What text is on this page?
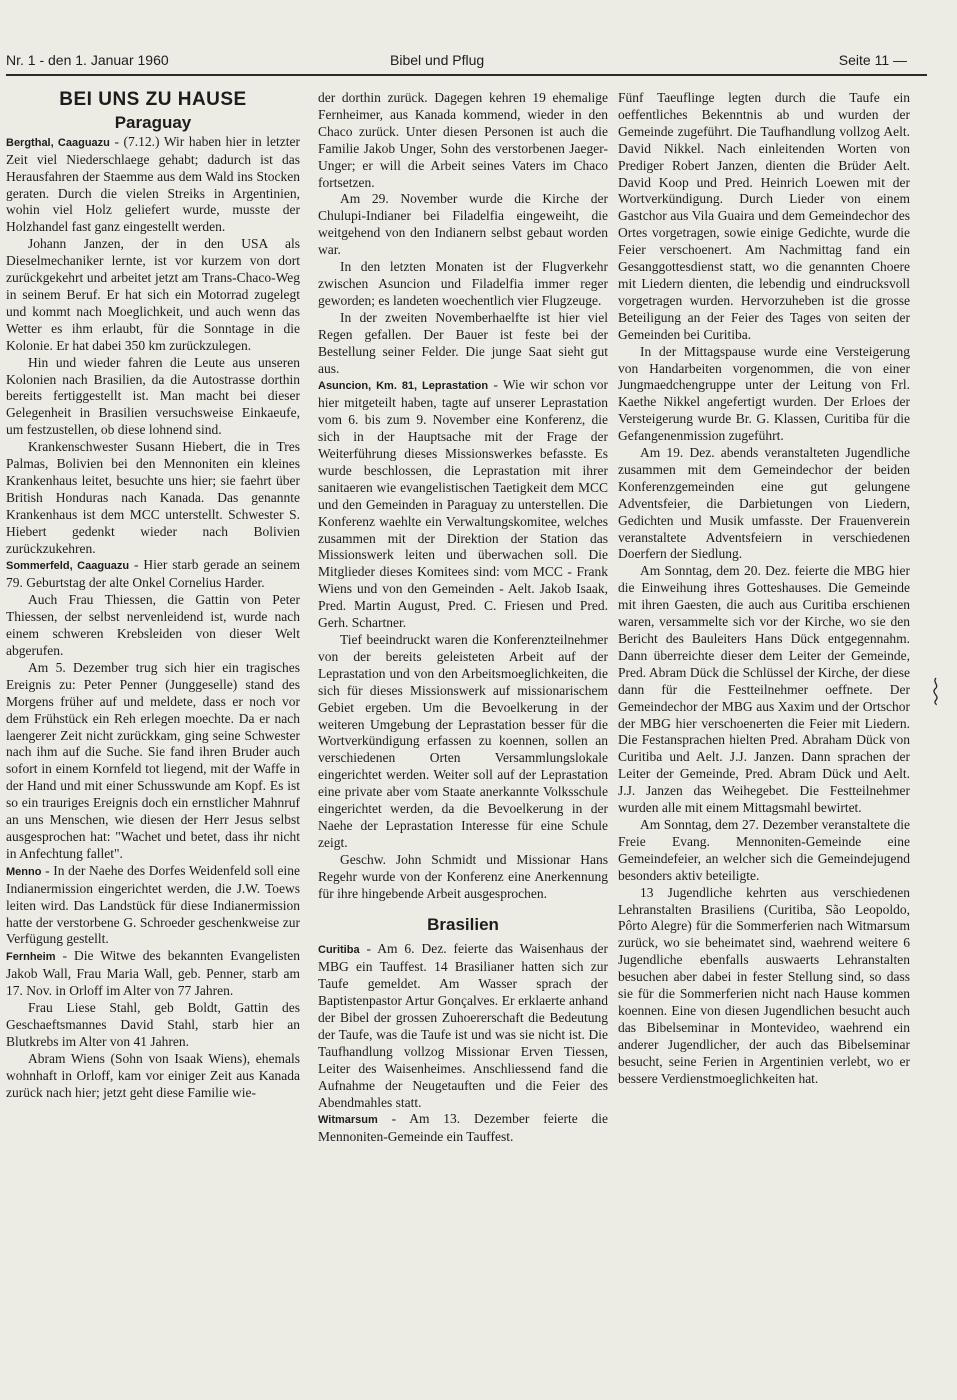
Nr. 1 - den 1. Januar 1960	Bibel und Pflug	Seite 11 —
BEI UNS ZU HAUSE
Paraguay

Bergthal, Caaguazu - (7.12.) Wir haben hier in letzter Zeit viel Niederschlaege gehabt; dadurch ist das Herausfahren der Staemme aus dem Wald ins Stocken geraten. Durch die vielen Streiks in Argentinien, wohin viel Holz geliefert wurde, musste der Holzhandel fast ganz eingestellt werden.

Johann Janzen, der in den USA als Dieselmechaniker lernte, ist vor kurzem von dort zurückgekehrt und arbeitet jetzt am Trans-Chaco-Weg in seinem Beruf. Er hat sich ein Motorrad zugelegt und kommt nach Moeglichkeit, und auch wenn das Wetter es ihm erlaubt, für die Sonntage in die Kolonie. Er hat dabei 350 km zurückzulegen.

Hin und wieder fahren die Leute aus unseren Kolonien nach Brasilien, da die Autostrasse dorthin bereits fertiggestellt ist. Man macht bei dieser Gelegenheit in Brasilien versuchsweise Einkaeufe, um festzustellen, ob diese lohnend sind.

Krankenschwester Susann Hiebert, die in Tres Palmas, Bolivien bei den Mennoniten ein kleines Krankenhaus leitet, besuchte uns hier; sie faehrt über British Honduras nach Kanada. Das genannte Krankenhaus ist dem MCC unterstellt. Schwester S. Hiebert gedenkt wieder nach Bolivien zurückzukehren.

Sommerfeld, Caaguazu - Hier starb gerade an seinem 79. Geburtstag der alte Onkel Cornelius Harder.

Auch Frau Thiessen, die Gattin von Peter Thiessen, der selbst nervenleidend ist, wurde nach einem schweren Krebsleiden von dieser Welt abgerufen.

Am 5. Dezember trug sich hier ein tragisches Ereignis zu: Peter Penner (Junggeselle) stand des Morgens früher auf und meldete, dass er noch vor dem Frühstück ein Reh erlegen moechte. Da er nach laengerer Zeit nicht zurückkam, ging seine Schwester nach ihm auf die Suche. Sie fand ihren Bruder auch sofort in einem Kornfeld tot liegend, mit der Waffe in der Hand und mit einer Schusswunde am Kopf. Es ist so ein trauriges Ereignis doch ein ernstlicher Mahnruf an uns Menschen, wie diesen der Herr Jesus selbst ausgesprochen hat: "Wachet und betet, dass ihr nicht in Anfechtung fallet".

Menno - In der Naehe des Dorfes Weidenfeld soll eine Indianermission eingerichtet werden, die J.W. Toews leiten wird. Das Landstück für diese Indianermission hatte der verstorbene G. Schroeder geschenkweise zur Verfügung gestellt.

Fernheim - Die Witwe des bekannten Evangelisten Jakob Wall, Frau Maria Wall, geb. Penner, starb am 17. Nov. in Orloff im Alter von 77 Jahren.

Frau Liese Stahl, geb Boldt, Gattin des Geschaeftsmannes David Stahl, starb hier an Blutkrebs im Alter von 41 Jahren.

Abram Wiens (Sohn von Isaak Wiens), ehemals wohnhaft in Orloff, kam vor einiger Zeit aus Kanada zurück nach hier; jetzt geht diese Familie wie-

der dorthin zurück. Dagegen kehren 19 ehemalige Fernheimer, aus Kanada kommend, wieder in den Chaco zurück. Unter diesen Personen ist auch die Familie Jakob Unger, Sohn des verstorbenen Jaeger-Unger; er will die Arbeit seines Vaters im Chaco fortsetzen.

Am 29. November wurde die Kirche der Chulupi-Indianer bei Filadelfia eingeweiht, die weitgehend von den Indianern selbst gebaut worden war.

In den letzten Monaten ist der Flugverkehr zwischen Asuncion und Filadelfia immer reger geworden; es landeten woechentlich vier Flugzeuge.

In der zweiten Novemberhaelfte ist hier viel Regen gefallen. Der Bauer ist feste bei der Bestellung seiner Felder. Die junge Saat sieht gut aus.

Asuncion, Km. 81, Leprastation - Wie wir schon vor hier mitgeteilt haben, tagte auf unserer Leprastation vom 6. bis zum 9. November eine Konferenz, die sich in der Hauptsache mit der Frage der Weiterführung dieses Missionswerkes befasste. Es wurde beschlossen, die Leprastation mit ihrer sanitaeren wie evangelistischen Taetigkeit dem MCC und den Gemeinden in Paraguay zu unterstellen. Die Konferenz waehlte ein Verwaltungskomitee, welches zusammen mit der Direktion der Station das Missionswerk leiten und überwachen soll. Die Mitglieder dieses Komitees sind: vom MCC - Frank Wiens und von den Gemeinden - Aelt. Jakob Isaak, Pred. Martin August, Pred. C. Friesen und Pred. Gerh. Schartner.

Tief beeindruckt waren die Konferenzteilnehmer von der bereits geleisteten Arbeit auf der Leprastation und von den Arbeitsmoeglichkeiten, die sich für dieses Missionswerk auf missionarischem Gebiet ergeben. Um die Bevoelkerung in der weiteren Umgebung der Leprastation besser für die Wortverkündigung erfassen zu koennen, sollen an verschiedenen Orten Versammlungslokale eingerichtet werden. Weiter soll auf der Leprastation eine private aber vom Staate anerkannte Volksschule eingerichtet werden, da die Bevoelkerung in der Naehe der Leprastation Interesse für eine Schule zeigt.

Geschw. John Schmidt und Missionar Hans Regehr wurde von der Konferenz eine Anerkennung für ihre hingebende Arbeit ausgesprochen.

Brasilien

Curitiba - Am 6. Dez. feierte das Waisenhaus der MBG ein Tauffest. 14 Brasilianer hatten sich zur Taufe gemeldet. Am Wasser sprach der Baptistenpastor Artur Gonçalves. Er erklaerte anhand der Bibel der grossen Zuhoererschaft die Bedeutung der Taufe, was die Taufe ist und was sie nicht ist. Die Taufhandlung vollzog Missionar Erven Tiessen, Leiter des Waisenheimes. Anschliessend fand die Aufnahme der Neugetauften und die Feier des Abendmahles statt.

Witmarsum - Am 13. Dezember feierte die Mennoniten-Gemeinde ein Tauffest.

Fünf Taeuflinge legten durch die Taufe ein oeffentliches Bekenntnis ab und wurden der Gemeinde zugeführt. Die Taufhandlung vollzog Aelt. David Nikkel. Nach einleitenden Worten von Prediger Robert Janzen, dienten die Brüder Aelt. David Koop und Pred. Heinrich Loewen mit der Wortverkündigung. Durch Lieder von einem Gastchor aus Vila Guaira und dem Gemeindechor des Ortes vorgetragen, sowie einige Gedichte, wurde die Feier verschoenert. Am Nachmittag fand ein Gesanggottesdienst statt, wo die genannten Choere mit Liedern dienten, die lebendig und eindrucksvoll vorgetragen wurden. Hervorzuheben ist die grosse Beteiligung an der Feier des Tages von seiten der Gemeinden bei Curitiba.

In der Mittagspause wurde eine Versteigerung von Handarbeiten vorgenommen, die von einer Jungmaedchengruppe unter der Leitung von Frl. Kaethe Nikkel angefertigt wurden. Der Erloes der Versteigerung wurde Br. G. Klassen, Curitiba für die Gefangenenmission zugeführt.

Am 19. Dez. abends veranstalteten Jugendliche zusammen mit dem Gemeindechor der beiden Konferenzgemeinden eine gut gelungene Adventsfeier, die Darbietungen von Liedern, Gedichten und Musik umfasste. Der Frauenverein veranstaltete Adventsfeiern in verschiedenen Doerfern der Siedlung.

Am Sonntag, dem 20. Dez. feierte die MBG hier die Einweihung ihres Gotteshauses. Die Gemeinde mit ihren Gaesten, die auch aus Curitiba erschienen waren, versammelte sich vor der Kirche, wo sie den Bericht des Bauleiters Hans Dück entgegennahm. Dann überreichte dieser dem Leiter der Gemeinde, Pred. Abram Dück die Schlüssel der Kirche, der diese dann für die Festteilnehmer oeffnete. Der Gemeindechor der MBG aus Xaxim und der Ortschor der MBG hier verschoenerten die Feier mit Liedern. Die Festansprachen hielten Pred. Abraham Dück von Curitiba und Aelt. J.J. Janzen. Dann sprachen der Leiter der Gemeinde, Pred. Abram Dück und Aelt. J.J. Janzen das Weihegebet. Die Festteilnehmer wurden alle mit einem Mittagsmahl bewirtet.

Am Sonntag, dem 27. Dezember veranstaltete die Freie Evang. Mennoniten-Gemeinde eine Gemeindefeier, an welcher sich die Gemeindejugend besonders aktiv beteiligte.

13 Jugendliche kehrten aus verschiedenen Lehranstalten Brasiliens (Curitiba, São Leopoldo, Pôrto Alegre) für die Sommerferien nach Witmarsum zurück, wo sie beheimatet sind, waehrend weitere 6 Jugendliche ebenfalls auswaerts Lehranstalten besuchen aber dabei in fester Stellung sind, so dass sie für die Sommerferien nicht nach Hause kommen koennen. Eine von diesen Jugendlichen besucht auch das Bibelseminar in Montevideo, waehrend ein anderer Jugendlicher, der auch das Bibelseminar besucht, seine Ferien in Argentinien verlebt, wo er bessere Verdienstmoeglichkeiten hat.
